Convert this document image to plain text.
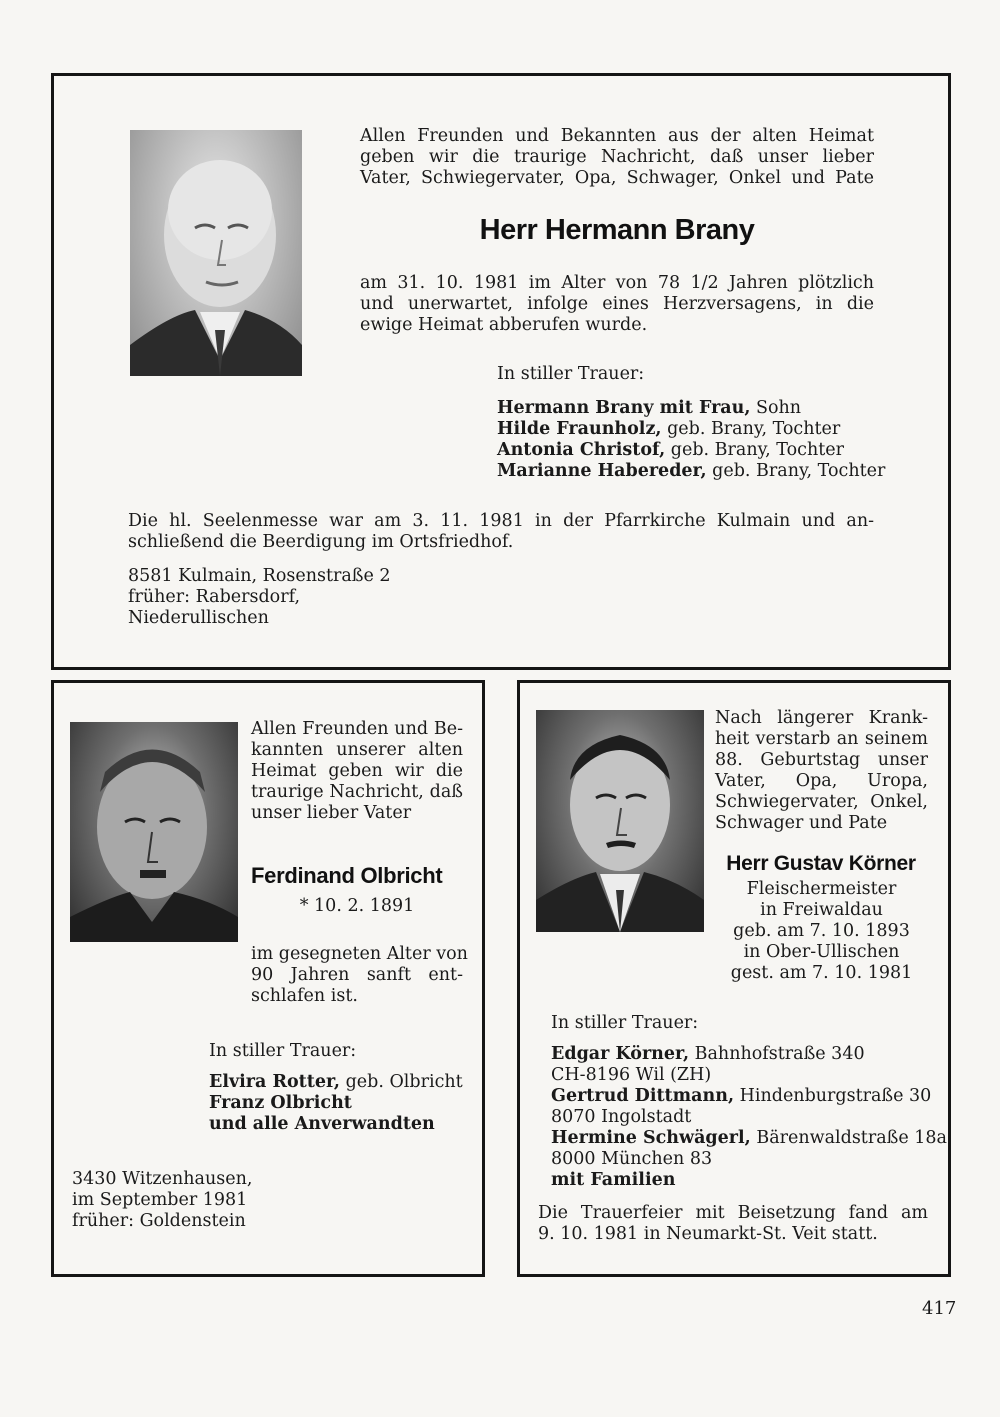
Allen Freunden und Bekannten aus der alten Heimat
geben wir die traurige Nachricht, daß unser lieber
Vater, Schwiegervater, Opa, Schwager, Onkel und Pate
Herr Hermann Brany
am 31. 10. 1981 im Alter von 78 1/2 Jahren plötzlich
und unerwartet, infolge eines Herzversagens, in die
ewige Heimat abberufen wurde.
In stiller Trauer:
Hermann Brany mit Frau, Sohn
Hilde Fraunholz, geb. Brany, Tochter
Antonia Christof, geb. Brany, Tochter
Marianne Habereder, geb. Brany, Tochter
Die hl. Seelenmesse war am 3. 11. 1981 in der Pfarrkirche Kulmain und an-
schließend die Beerdigung im Ortsfriedhof.
8581 Kulmain, Rosenstraße 2
früher: Rabersdorf,
Niederullischen
Allen Freunden und Be-
kannten unserer alten
Heimat geben wir die
traurige Nachricht, daß
unser lieber Vater
Ferdinand Olbricht
* 10. 2. 1891
im gesegneten Alter von
90 Jahren sanft ent-
schlafen ist.
In stiller Trauer:
Elvira Rotter, geb. Olbricht
Franz Olbricht
und alle Anverwandten
3430 Witzenhausen,
im September 1981
früher: Goldenstein
Nach längerer Krank-
heit verstarb an seinem
88. Geburtstag unser
Vater, Opa, Uropa,
Schwiegervater, Onkel,
Schwager und Pate
Herr Gustav Körner
Fleischermeister
in Freiwaldau
geb. am 7. 10. 1893
in Ober-Ullischen
gest. am 7. 10. 1981
In stiller Trauer:
Edgar Körner, Bahnhofstraße 340
CH-8196 Wil (ZH)
Gertrud Dittmann, Hindenburgstraße 30
8070 Ingolstadt
Hermine Schwägerl, Bärenwaldstraße 18a
8000 München 83
mit Familien
Die Trauerfeier mit Beisetzung fand am
9. 10. 1981 in Neumarkt-St. Veit statt.
417
